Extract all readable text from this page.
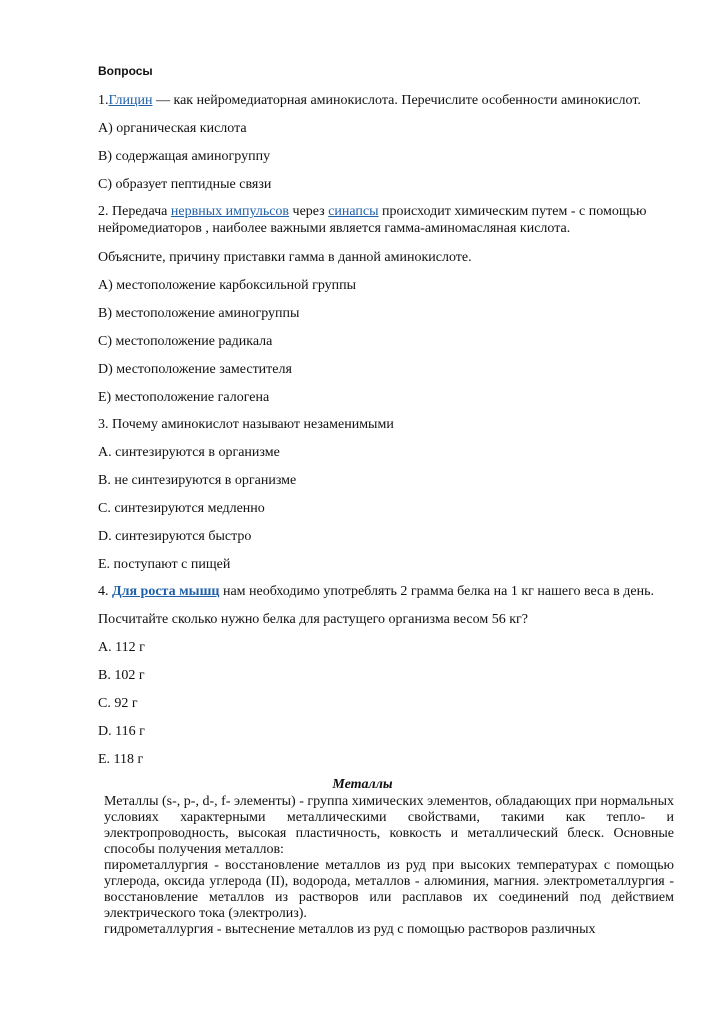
Вопросы
1.Глицин — как нейромедиаторная аминокислота. Перечислите особенности аминокислот.
A) органическая кислота
B) содержащая аминогруппу
C) образует пептидные связи
2. Передача нервных импульсов через синапсы происходит химическим путем - с помощью нейромедиаторов , наиболее важными является гамма-аминомасляная кислота.
Объясните, причину приставки гамма в данной аминокислоте.
A) местоположение карбоксильной группы
B) местоположение аминогруппы
C) местоположение радикала
D) местоположение заместителя
E) местоположение галогена
3. Почему аминокислот называют незаменимыми
A. синтезируются в организме
B. не синтезируются в организме
C. синтезируются медленно
D. синтезируются быстро
E. поступают с пищей
4. Для роста мышц нам необходимо употреблять 2 грамма белка на 1 кг нашего веса в день.
Посчитайте сколько нужно белка для растущего организма весом 56 кг?
A. 112 г
B. 102 г
C. 92 г
D. 116 г
E. 118 г
Металлы

Металлы (s-, p-, d-, f- элементы) - группа химических элементов, обладающих при нормальных условиях характерными металлическими свойствами, такими как тепло- и электропроводность, высокая пластичность, ковкость и металлический блеск. Основные способы получения металлов:

пирометаллургия - восстановление металлов из руд при высоких температурах с помощью углерода, оксида углерода (II), водорода, металлов - алюминия, магния. электрометаллургия - восстановление металлов из растворов или расплавов их соединений под действием электрического тока (электролиз).

гидрометаллургия - вытеснение металлов из руд с помощью растворов различных
